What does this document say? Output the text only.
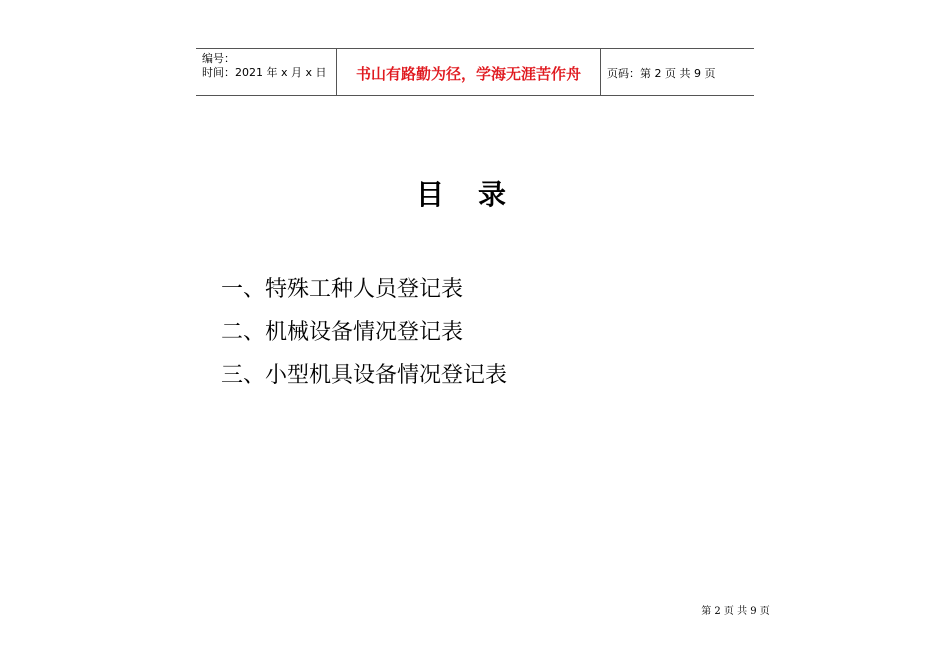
编号：
时间：2021 年 x 月 x 日	书山有路勤为径，学海无涯苦作舟	页码：第 2 页 共 9 页
目录
一、特殊工种人员登记表
二、机械设备情况登记表
三、小型机具设备情况登记表
第 2 页 共 9 页
